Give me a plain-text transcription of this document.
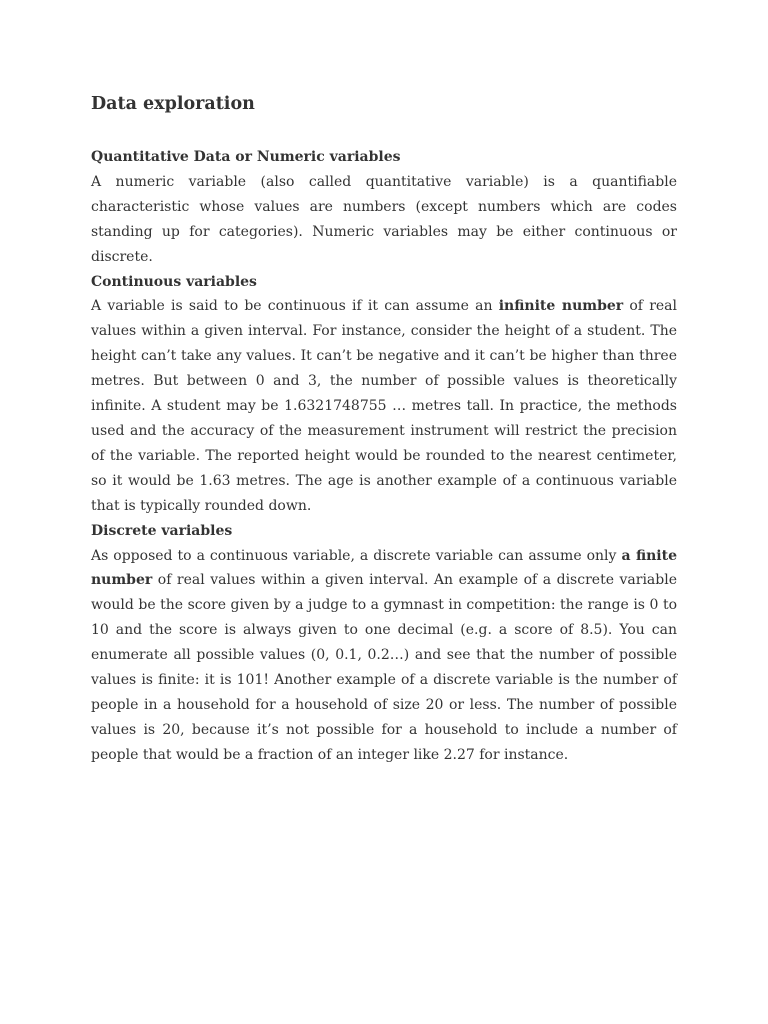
Data exploration
Quantitative Data or Numeric variables

A numeric variable (also called quantitative variable) is a quantifiable characteristic whose values are numbers (except numbers which are codes standing up for categories). Numeric variables may be either continuous or discrete.

Continuous variables

A variable is said to be continuous if it can assume an infinite number of real values within a given interval. For instance, consider the height of a student. The height can’t take any values. It can’t be negative and it can’t be higher than three metres. But between 0 and 3, the number of possible values is theoretically infinite. A student may be 1.6321748755 … metres tall. In practice, the methods used and the accuracy of the measurement instrument will restrict the precision of the variable. The reported height would be rounded to the nearest centimeter, so it would be 1.63 metres. The age is another example of a continuous variable that is typically rounded down.

Discrete variables

As opposed to a continuous variable, a discrete variable can assume only a finite number of real values within a given interval. An example of a discrete variable would be the score given by a judge to a gymnast in competition: the range is 0 to 10 and the score is always given to one decimal (e.g. a score of 8.5). You can enumerate all possible values (0, 0.1, 0.2…) and see that the number of possible values is finite: it is 101! Another example of a discrete variable is the number of people in a household for a household of size 20 or less. The number of possible values is 20, because it’s not possible for a household to include a number of people that would be a fraction of an integer like 2.27 for instance.
